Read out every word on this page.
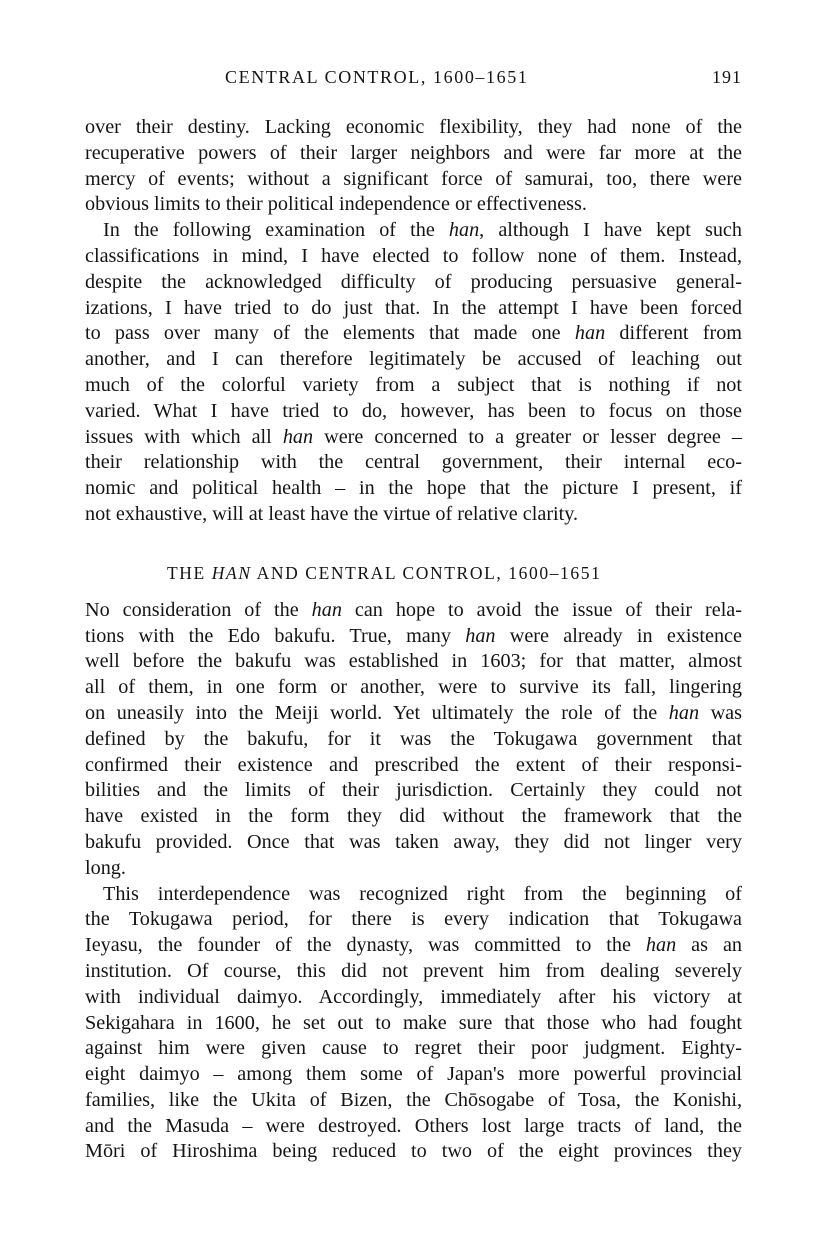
CENTRAL CONTROL, 1600–1651	191
over their destiny. Lacking economic flexibility, they had none of the
recuperative powers of their larger neighbors and were far more at the
mercy of events; without a significant force of samurai, too, there were
obvious limits to their political independence or effectiveness.
In the following examination of the han, although I have kept such
classifications in mind, I have elected to follow none of them. Instead,
despite the acknowledged difficulty of producing persuasive general-
izations, I have tried to do just that. In the attempt I have been forced
to pass over many of the elements that made one han different from
another, and I can therefore legitimately be accused of leaching out
much of the colorful variety from a subject that is nothing if not
varied. What I have tried to do, however, has been to focus on those
issues with which all han were concerned to a greater or lesser degree –
their relationship with the central government, their internal eco-
nomic and political health – in the hope that the picture I present, if
not exhaustive, will at least have the virtue of relative clarity.
THE HAN AND CENTRAL CONTROL, 1600–1651
No consideration of the han can hope to avoid the issue of their rela-
tions with the Edo bakufu. True, many han were already in existence
well before the bakufu was established in 1603; for that matter, almost
all of them, in one form or another, were to survive its fall, lingering
on uneasily into the Meiji world. Yet ultimately the role of the han was
defined by the bakufu, for it was the Tokugawa government that
confirmed their existence and prescribed the extent of their responsi-
bilities and the limits of their jurisdiction. Certainly they could not
have existed in the form they did without the framework that the
bakufu provided. Once that was taken away, they did not linger very
long.
This interdependence was recognized right from the beginning of
the Tokugawa period, for there is every indication that Tokugawa
Ieyasu, the founder of the dynasty, was committed to the han as an
institution. Of course, this did not prevent him from dealing severely
with individual daimyo. Accordingly, immediately after his victory at
Sekigahara in 1600, he set out to make sure that those who had fought
against him were given cause to regret their poor judgment. Eighty-
eight daimyo – among them some of Japan's more powerful provincial
families, like the Ukita of Bizen, the Chōsogabe of Tosa, the Konishi,
and the Masuda – were destroyed. Others lost large tracts of land, the
Mōri of Hiroshima being reduced to two of the eight provinces they
